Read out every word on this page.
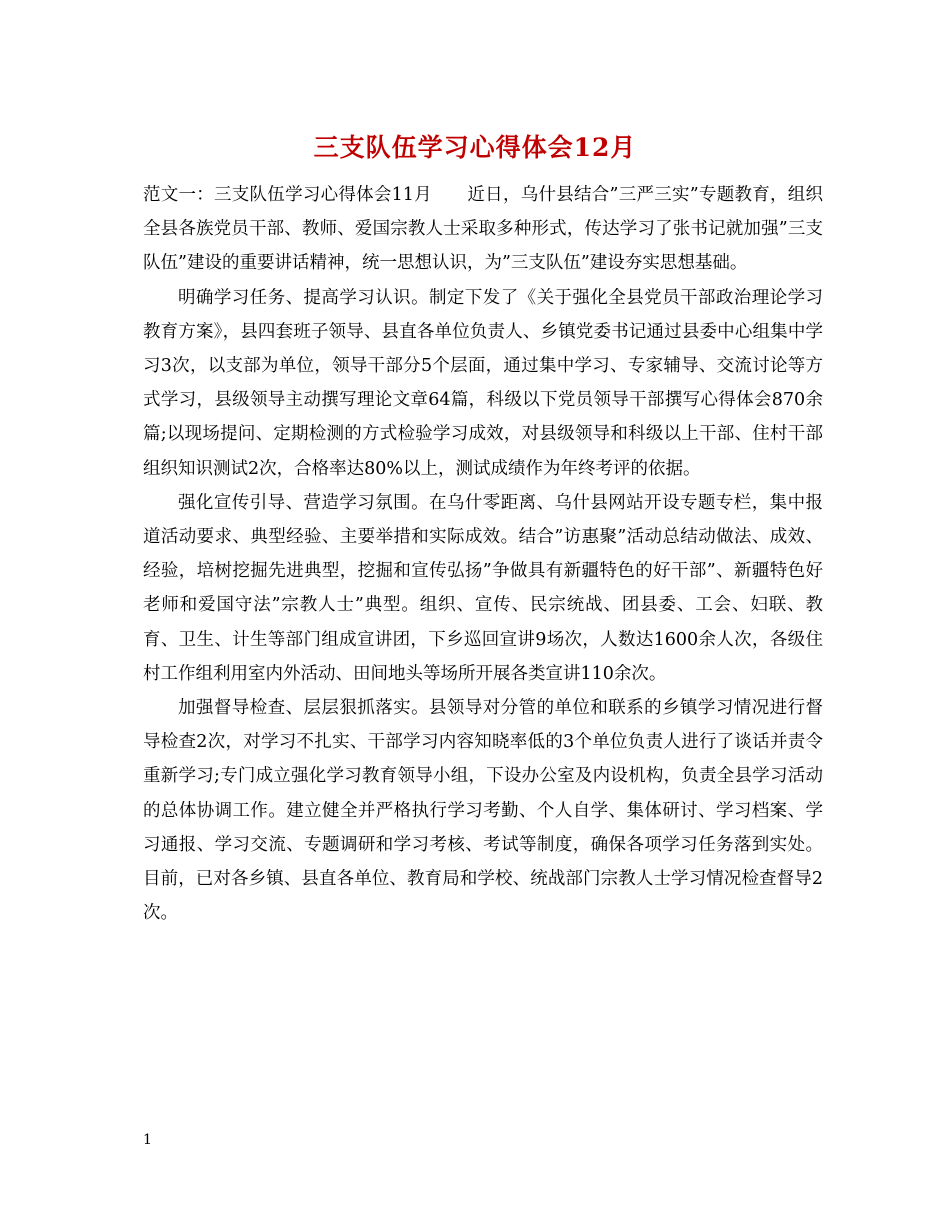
三支队伍学习心得体会12月

范文一：三支队伍学习心得体会11月　　近日，乌什县结合”三严三实”专题教育，组织全县各族党员干部、教师、爱国宗教人士采取多种形式，传达学习了张书记就加强”三支队伍”建设的重要讲话精神，统一思想认识，为”三支队伍”建设夯实思想基础。

明确学习任务、提高学习认识。制定下发了《关于强化全县党员干部政治理论学习教育方案》，县四套班子领导、县直各单位负责人、乡镇党委书记通过县委中心组集中学习3次，以支部为单位，领导干部分5个层面，通过集中学习、专家辅导、交流讨论等方式学习，县级领导主动撰写理论文章64篇，科级以下党员领导干部撰写心得体会870余篇;以现场提问、定期检测的方式检验学习成效，对县级领导和科级以上干部、住村干部组织知识测试2次，合格率达80%以上，测试成绩作为年终考评的依据。

强化宣传引导、营造学习氛围。在乌什零距离、乌什县网站开设专题专栏，集中报道活动要求、典型经验、主要举措和实际成效。结合”访惠聚”活动总结动做法、成效、经验，培树挖掘先进典型，挖掘和宣传弘扬”争做具有新疆特色的好干部”、新疆特色好老师和爱国守法”宗教人士”典型。组织、宣传、民宗统战、团县委、工会、妇联、教育、卫生、计生等部门组成宣讲团，下乡巡回宣讲9场次，人数达1600余人次，各级住村工作组利用室内外活动、田间地头等场所开展各类宣讲110余次。

加强督导检查、层层狠抓落实。县领导对分管的单位和联系的乡镇学习情况进行督导检查2次，对学习不扎实、干部学习内容知晓率低的3个单位负责人进行了谈话并责令重新学习;专门成立强化学习教育领导小组，下设办公室及内设机构，负责全县学习活动的总体协调工作。建立健全并严格执行学习考勤、个人自学、集体研讨、学习档案、学习通报、学习交流、专题调研和学习考核、考试等制度，确保各项学习任务落到实处。目前，已对各乡镇、县直各单位、教育局和学校、统战部门宗教人士学习情况检查督导2次。

1
